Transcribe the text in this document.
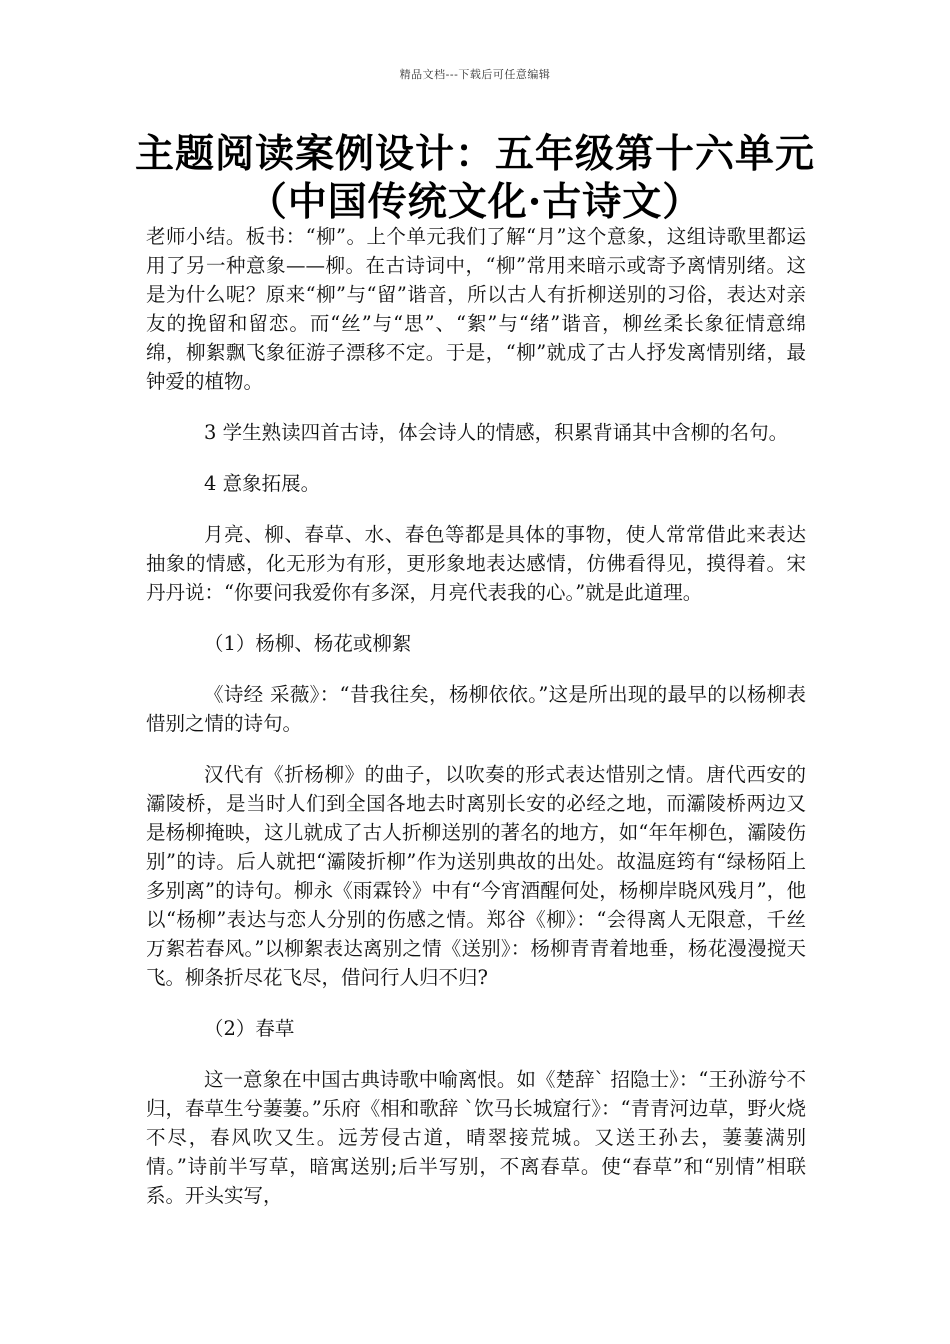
精品文档---下载后可任意编辑
主题阅读案例设计：五年级第十六单元
（中国传统文化·古诗文）

老师小结。板书：“柳”。上个单元我们了解“月”这个意象，这组诗歌里都运用了另一种意象——柳。在古诗词中，“柳”常用来暗示或寄予离情别绪。这是为什么呢？原来“柳”与“留”谐音，所以古人有折柳送别的习俗，表达对亲友的挽留和留恋。而“丝”与“思”、“絮”与“绪”谐音，柳丝柔长象征情意绵绵，柳絮飘飞象征游子漂移不定。于是，“柳”就成了古人抒发离情别绪，最钟爱的植物。

3 学生熟读四首古诗，体会诗人的情感，积累背诵其中含柳的名句。

4 意象拓展。

月亮、柳、春草、水、春色等都是具体的事物，使人常常借此来表达抽象的情感，化无形为有形，更形象地表达感情，仿佛看得见，摸得着。宋丹丹说：“你要问我爱你有多深，月亮代表我的心。”就是此道理。

（1）杨柳、杨花或柳絮

《诗经 采薇》：“昔我往矣，杨柳依依。”这是所出现的最早的以杨柳表惜别之情的诗句。

汉代有《折杨柳》的曲子，以吹奏的形式表达惜别之情。唐代西安的灞陵桥，是当时人们到全国各地去时离别长安的必经之地，而灞陵桥两边又是杨柳掩映，这儿就成了古人折柳送别的著名的地方，如“年年柳色，灞陵伤别”的诗。后人就把“灞陵折柳”作为送别典故的出处。故温庭筠有“绿杨陌上多别离”的诗句。柳永《雨霖铃》中有“今宵酒醒何处，杨柳岸晓风残月”，他以“杨柳”表达与恋人分别的伤感之情。郑谷《柳》：“会得离人无限意，千丝万絮若春风。”以柳絮表达离别之情《送别》：杨柳青青着地垂，杨花漫漫搅天飞。柳条折尽花飞尽，借问行人归不归?

（2）春草

这一意象在中国古典诗歌中喻离恨。如《楚辞` 招隐士》：“王孙游兮不归，春草生兮萋萋。”乐府《相和歌辞 `饮马长城窟行》：“青青河边草，野火烧不尽，春风吹又生。远芳侵古道，晴翠接荒城。又送王孙去，萋萋满别情。”诗前半写草，暗寓送别;后半写别，不离春草。使“春草”和“别情”相联系。开头实写，
